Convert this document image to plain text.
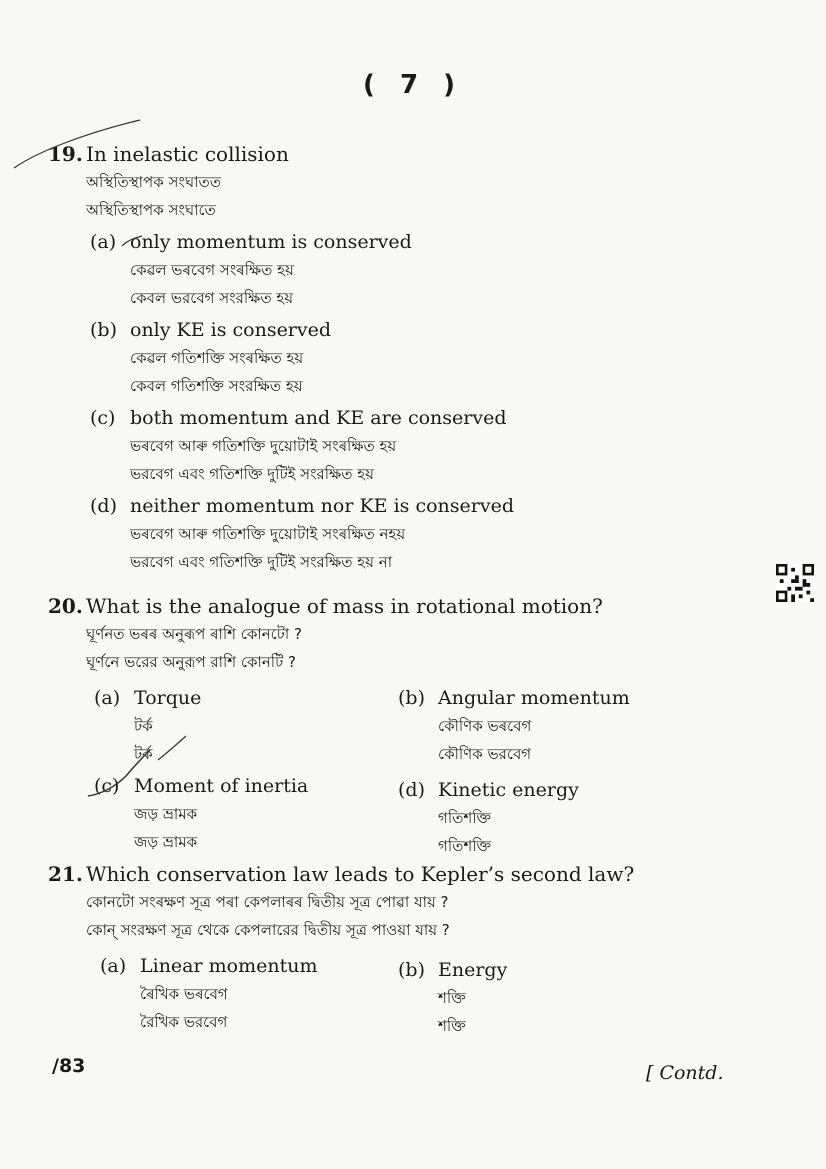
( 7 )
19. In inelastic collision
অস্থিতিস্থাপক সংঘাতত
অস্থিতিস্থাপক সংঘাতে
(a) only momentum is conserved
কেৱল ভৰবেগ সংৰক্ষিত হয়
কেবল ভরবেগ সংরক্ষিত হয়
(b) only KE is conserved
কেৱল গতিশক্তি সংৰক্ষিত হয়
কেবল গতিশক্তি সংরক্ষিত হয়
(c) both momentum and KE are conserved
ভৰবেগ আৰু গতিশক্তি দুয়োটাই সংৰক্ষিত হয়
ভরবেগ এবং গতিশক্তি দুটিই সংরক্ষিত হয়
(d) neither momentum nor KE is conserved
ভৰবেগ আৰু গতিশক্তি দুয়োটাই সংৰক্ষিত নহয়
ভরবেগ এবং গতিশক্তি দুটিই সংরক্ষিত হয় না
20. What is the analogue of mass in rotational motion?
ঘূৰ্ণনত ভৰৰ অনুৰূপ ৰাশি কোনটো ?
ঘূর্ণনে ভরের অনুরূপ রাশি কোনটি ?
(a) Torque
টৰ্ক
টর্ক
(b) Angular momentum
কৌণিক ভৰবেগ
কৌণিক ভরবেগ
(c) Moment of inertia
জড় ভ্ৰামক
জড় ভ্রামক
(d) Kinetic energy
গতিশক্তি
গতিশক্তি
21. Which conservation law leads to Kepler’s second law?
কোনটো সংৰক্ষণ সূত্ৰ পৰা কেপলাৰৰ দ্বিতীয় সূত্ৰ পোৱা যায় ?
কোন্ সংরক্ষণ সূত্র থেকে কেপলারের দ্বিতীয় সূত্র পাওয়া যায় ?
(a) Linear momentum
ৰৈখিক ভৰবেগ
রৈখিক ভরবেগ
(b) Energy
শক্তি
শক্তি
/83	[ Contd.
